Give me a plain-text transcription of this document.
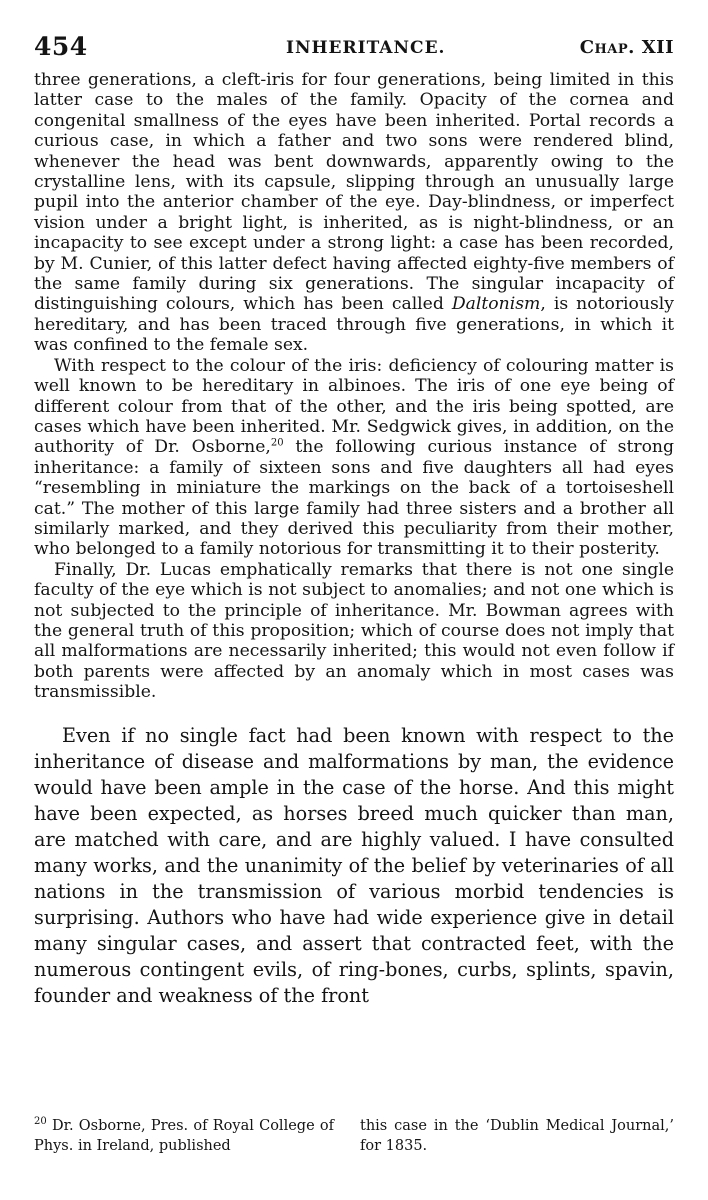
454	INHERITANCE.	Chap. XII

three generations, a cleft-iris for four generations, being limited in this latter case to the males of the family. Opacity of the cornea and congenital smallness of the eyes have been inherited. Portal records a curious case, in which a father and two sons were rendered blind, whenever the head was bent downwards, apparently owing to the crystalline lens, with its capsule, slipping through an unusually large pupil into the anterior chamber of the eye. Day-blindness, or imperfect vision under a bright light, is inherited, as is night-blindness, or an incapacity to see except under a strong light: a case has been recorded, by M. Cunier, of this latter defect having affected eighty-five members of the same family during six generations. The singular incapacity of distinguishing colours, which has been called Daltonism, is notoriously hereditary, and has been traced through five generations, in which it was confined to the female sex.

With respect to the colour of the iris: deficiency of colouring matter is well known to be hereditary in albinoes. The iris of one eye being of different colour from that of the other, and the iris being spotted, are cases which have been inherited. Mr. Sedgwick gives, in addition, on the authority of Dr. Osborne,$^{20}$ the following curious instance of strong inheritance: a family of sixteen sons and five daughters all had eyes “resembling in miniature the markings on the back of a tortoiseshell cat.” The mother of this large family had three sisters and a brother all similarly marked, and they derived this peculiarity from their mother, who belonged to a family notorious for transmitting it to their posterity.

Finally, Dr. Lucas emphatically remarks that there is not one single faculty of the eye which is not subject to anomalies; and not one which is not subjected to the principle of inheritance. Mr. Bowman agrees with the general truth of this proposition; which of course does not imply that all malformations are necessarily inherited; this would not even follow if both parents were affected by an anomaly which in most cases was transmissible.

Even if no single fact had been known with respect to the inheritance of disease and malformations by man, the evidence would have been ample in the case of the horse. And this might have been expected, as horses breed much quicker than man, are matched with care, and are highly valued. I have consulted many works, and the unanimity of the belief by veterinaries of all nations in the transmission of various morbid tendencies is surprising. Authors who have had wide experience give in detail many singular cases, and assert that contracted feet, with the numerous contingent evils, of ring-bones, curbs, splints, spavin, founder and weakness of the front

$^{20}$ Dr. Osborne, Pres. of Royal College of Phys. in Ireland, published

this case in the ‘Dublin Medical Journal,’ for 1835.
